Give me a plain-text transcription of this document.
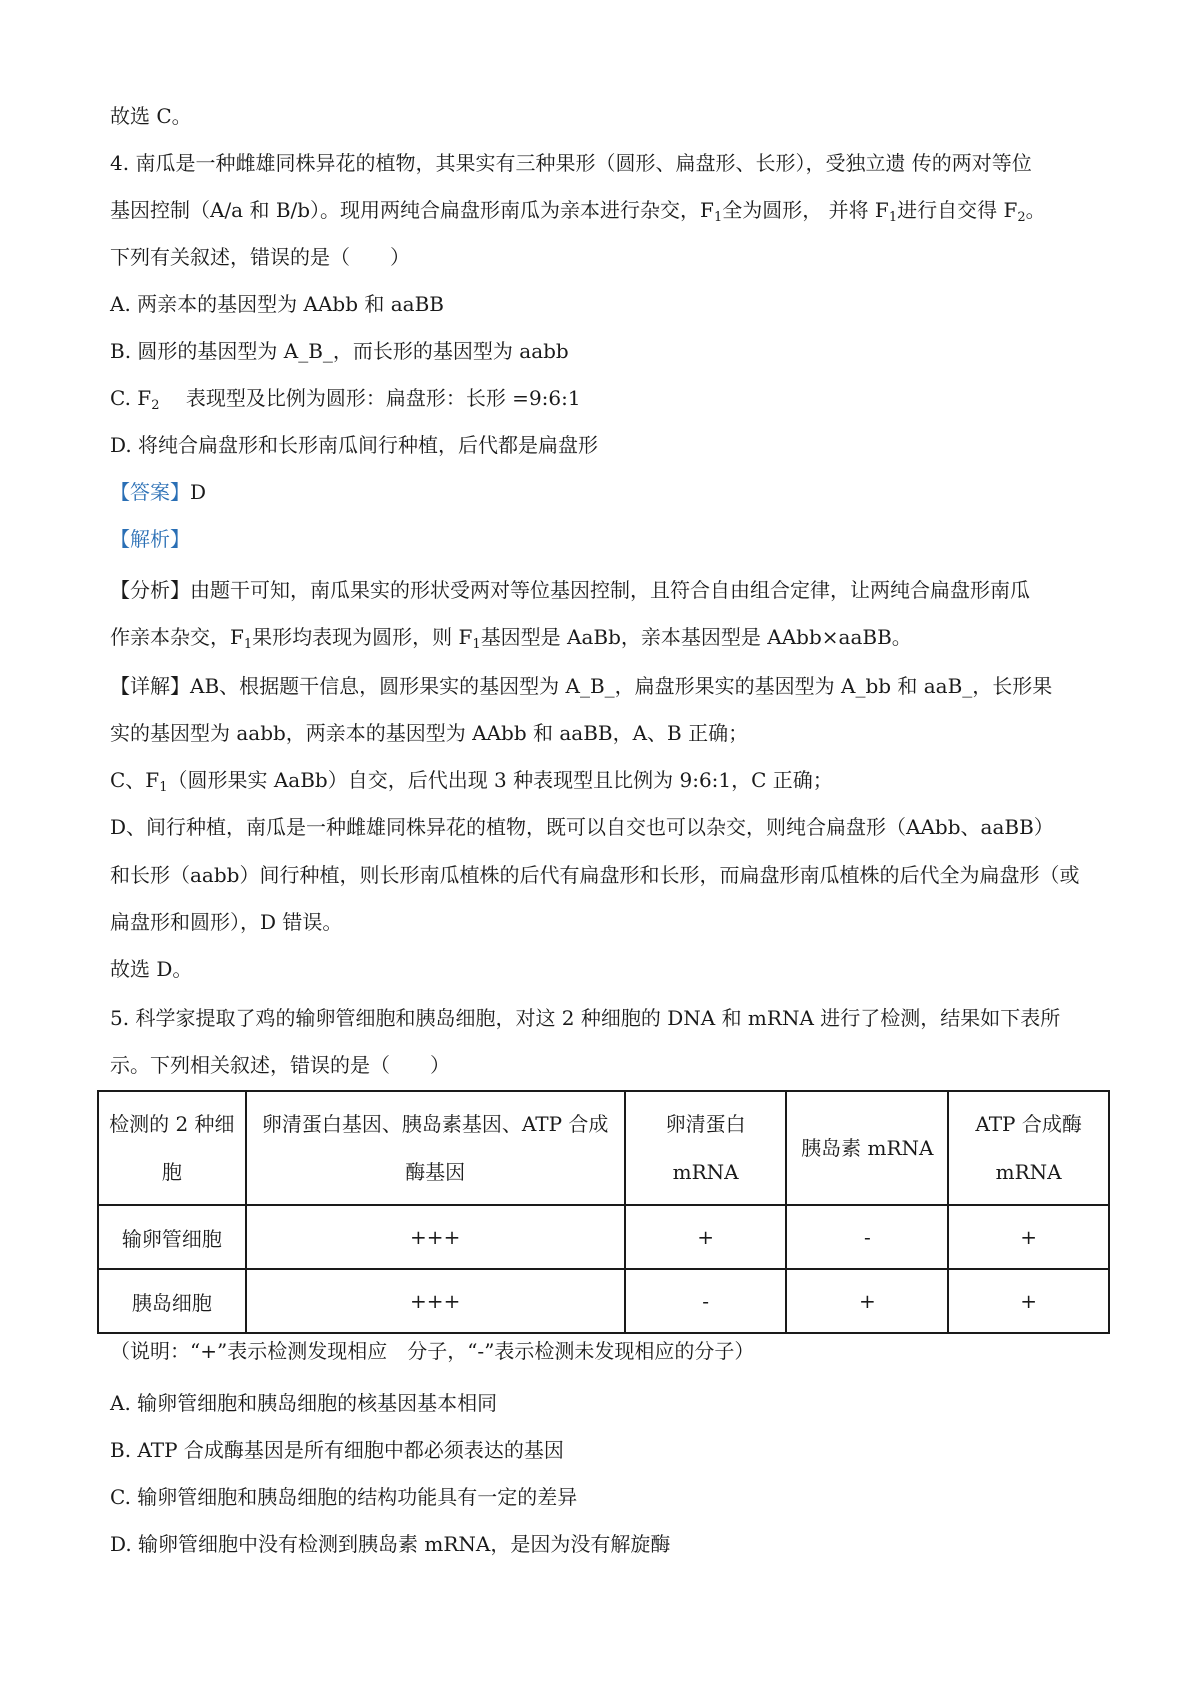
故选 C。
4. 南瓜是一种雌雄同株异花的植物，其果实有三种果形（圆形、扁盘形、长形），受独立遗 传的两对等位
基因控制（A/a 和 B/b）。现用两纯合扁盘形南瓜为亲本进行杂交，$F_1$全为圆形， 并将 $F_1$进行自交得 $F_2$。
下列有关叙述，错误的是（　　）
A. 两亲本的基因型为 AAbb 和 aaBB
B. 圆形的基因型为 A_B_，而长形的基因型为 aabb
C. $F_2$　 表现型及比例为圆形：扁盘形：长形 =9:6:1
D. 将纯合扁盘形和长形南瓜间行种植，后代都是扁盘形
【答案】D
【解析】
【分析】由题干可知，南瓜果实的形状受两对等位基因控制，且符合自由组合定律，让两纯合扁盘形南瓜
作亲本杂交，$F_1$果形均表现为圆形，则 $F_1$基因型是 AaBb，亲本基因型是 AAbb×aaBB。
【详解】AB、根据题干信息，圆形果实的基因型为 A_B_，扁盘形果实的基因型为 A_bb 和 aaB_，长形果
实的基因型为 aabb，两亲本的基因型为 AAbb 和 aaBB，A、B 正确；
C、$F_1$（圆形果实 AaBb）自交，后代出现 3 种表现型且比例为 9:6:1，C 正确；
D、间行种植，南瓜是一种雌雄同株异花的植物，既可以自交也可以杂交，则纯合扁盘形（AAbb、aaBB）
和长形（aabb）间行种植，则长形南瓜植株的后代有扁盘形和长形，而扁盘形南瓜植株的后代全为扁盘形（或
扁盘形和圆形），D 错误。
故选 D。
5. 科学家提取了鸡的输卵管细胞和胰岛细胞，对这 2 种细胞的 DNA 和 mRNA 进行了检测，结果如下表所
示。下列相关叙述，错误的是（　　）
检测的 2 种细胞	卵清蛋白基因、胰岛素基因、ATP 合成酶基因	卵清蛋白 mRNA	胰岛素 mRNA	ATP 合成酶 mRNA
输卵管细胞	+++	+	-	+
胰岛细胞	+++	-	+	+
（说明：“+”表示检测发现相应　分子，“-”表示检测未发现相应的分子）
A. 输卵管细胞和胰岛细胞的核基因基本相同
B. ATP 合成酶基因是所有细胞中都必须表达的基因
C. 输卵管细胞和胰岛细胞的结构功能具有一定的差异
D. 输卵管细胞中没有检测到胰岛素 mRNA，是因为没有解旋酶
